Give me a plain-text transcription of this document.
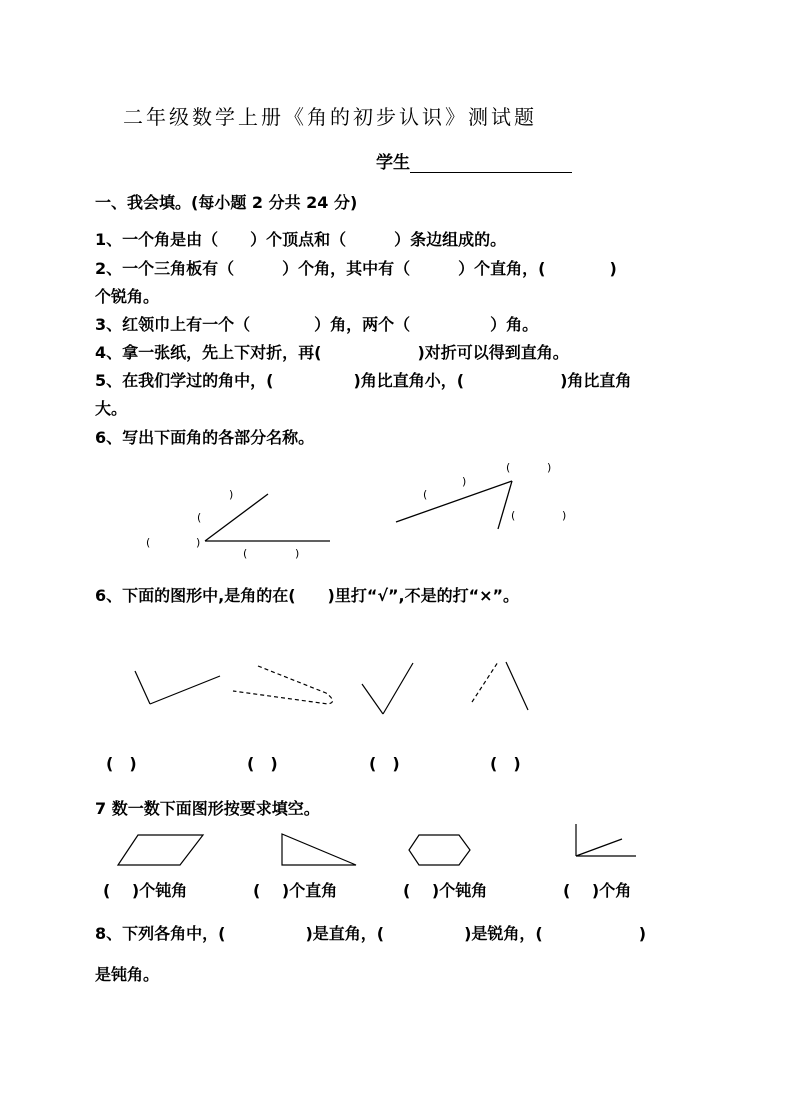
二年级数学上册《角的初步认识》测试题
学生
一、我会填。(每小题 2 分共 24 分)
1、一个角是由（　　）个顶点和（　　　）条边组成的。
2、一个三角板有（　　　）个角，其中有（　　　）个直角，(　　　　)
个锐角。
3、红领巾上有一个（　　　　）角，两个（　　　　　）角。
4、拿一张纸，先上下对折，再(　　　　　　)对折可以得到直角。
5、在我们学过的角中，(　　　　　)角比直角小，(　　　　　　)角比直角
大。
6、写出下面角的各部分名称。
)
(
(	)
(	)
(	)
)
(
(	)
6、下面的图形中,是角的在(　　)里打“√”,不是的打“×”。
(　)	(　)	(　)	(　)
7 数一数下面图形按要求填空。
(　 )个钝角	(　 )个直角	(　 )个钝角	(　 )个角
8、下列各角中，(　　　　　)是直角，(　　　　　)是锐角，(　　　　　　)
是钝角。
